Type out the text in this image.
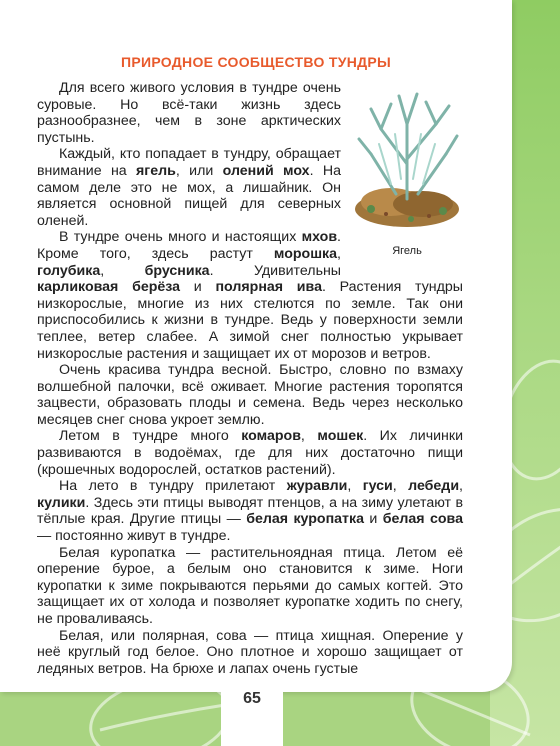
ПРИРОДНОЕ СООБЩЕСТВО ТУНДРЫ
Ягель

Для всего живого условия в тундре очень суровые. Но всё-таки жизнь здесь разнообразнее, чем в зоне арктических пустынь.

Каждый, кто попадает в тундру, обращает внимание на ягель, или олений мох. На самом деле это не мох, а лишайник. Он является основной пищей для северных оленей.

В тундре очень много и настоящих мхов. Кроме того, здесь растут морошка, голубика, брусника. Удивительны карликовая берёза и полярная ива. Растения тундры низкорослые, многие из них стелются по земле. Так они приспособились к жизни в тундре. Ведь у поверхности земли теплее, ветер слабее. А зимой снег полностью укрывает низкорослые растения и защищает их от морозов и ветров.

Очень красива тундра весной. Быстро, словно по взмаху волшебной палочки, всё оживает. Многие растения торопятся зацвести, образовать плоды и семена. Ведь через несколько месяцев снег снова укроет землю.

Летом в тундре много комаров, мошек. Их личинки развиваются в водоёмах, где для них достаточно пищи (крошечных водорослей, остатков растений).

На лето в тундру прилетают журавли, гуси, лебеди, кулики. Здесь эти птицы выводят птенцов, а на зиму улетают в тёплые края. Другие птицы — белая куропатка и белая сова — постоянно живут в тундре.

Белая куропатка — растительноядная птица. Летом её оперение бурое, а белым оно становится к зиме. Ноги куропатки к зиме покрываются перьями до самых когтей. Это защищает их от холода и позволяет куропатке ходить по снегу, не проваливаясь.

Белая, или полярная, сова — птица хищная. Оперение у неё круглый год белое. Оно плотное и хорошо защищает от ледяных ветров. На брюхе и лапах очень густые

65
